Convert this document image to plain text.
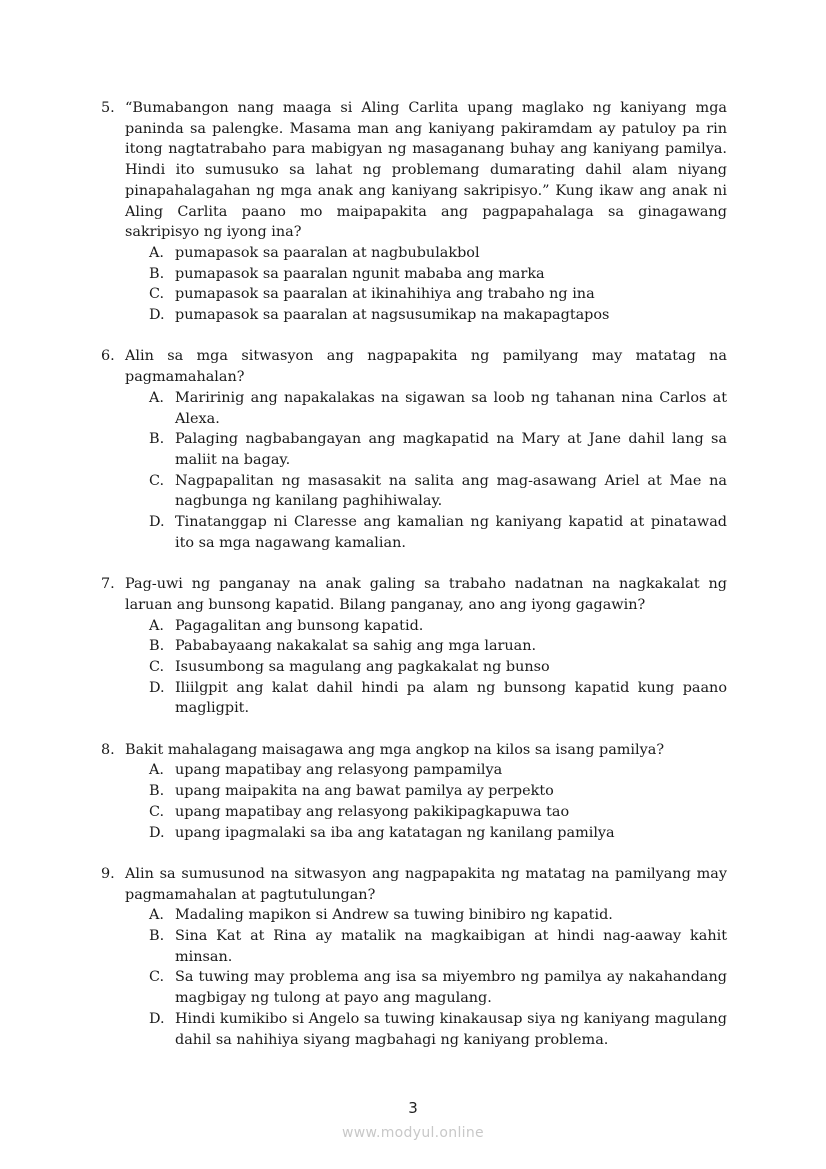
5. “Bumabangon nang maaga si Aling Carlita upang maglako ng kaniyang mga paninda sa palengke. Masama man ang kaniyang pakiramdam ay patuloy pa rin itong nagtatrabaho para mabigyan ng masaganang buhay ang kaniyang pamilya. Hindi ito sumusuko sa lahat ng problemang dumarating dahil alam niyang pinapahalagahan ng mga anak ang kaniyang sakripisyo.” Kung ikaw ang anak ni Aling Carlita paano mo maipapakita ang pagpapahalaga sa ginagawang sakripisyo ng iyong ina?
A. pumapasok sa paaralan at nagbubulakbol
B. pumapasok sa paaralan ngunit mababa ang marka
C. pumapasok sa paaralan at ikinahihiya ang trabaho ng ina
D. pumapasok sa paaralan at nagsusumikap na makapagtapos
6. Alin sa mga sitwasyon ang nagpapakita ng pamilyang may matatag na pagmamahalan?
A. Maririnig ang napakalakas na sigawan sa loob ng tahanan nina Carlos at Alexa.
B. Palaging nagbabangayan ang magkapatid na Mary at Jane dahil lang sa maliit na bagay.
C. Nagpapalitan ng masasakit na salita ang mag-asawang Ariel at Mae na nagbunga ng kanilang paghihiwalay.
D. Tinatanggap ni Claresse ang kamalian ng kaniyang kapatid at pinatawad ito sa mga nagawang kamalian.
7. Pag-uwi ng panganay na anak galing sa trabaho nadatnan na nagkakalat ng laruan ang bunsong kapatid. Bilang panganay, ano ang iyong gagawin?
A. Pagagalitan ang bunsong kapatid.
B. Pababayaang nakakalat sa sahig ang mga laruan.
C. Isusumbong sa magulang ang pagkakalat ng bunso
D. Iliilgpit ang kalat dahil hindi pa alam ng bunsong kapatid kung paano magligpit.
8. Bakit mahalagang maisagawa ang mga angkop na kilos sa isang pamilya?
A. upang mapatibay ang relasyong pampamilya
B. upang maipakita na ang bawat pamilya ay perpekto
C. upang mapatibay ang relasyong pakikipagkapuwa tao
D. upang ipagmalaki sa iba ang katatagan ng kanilang pamilya
9. Alin sa sumusunod na sitwasyon ang nagpapakita ng matatag na pamilyang may pagmamahalan at pagtutulungan?
A. Madaling mapikon si Andrew sa tuwing binibiro ng kapatid.
B. Sina Kat at Rina ay matalik na magkaibigan at hindi nag-aaway kahit minsan.
C. Sa tuwing may problema ang isa sa miyembro ng pamilya ay nakahandang magbigay ng tulong at payo ang magulang.
D. Hindi kumikibo si Angelo sa tuwing kinakausap siya ng kaniyang magulang dahil sa nahihiya siyang magbahagi ng kaniyang problema.
3
www.modyul.online
